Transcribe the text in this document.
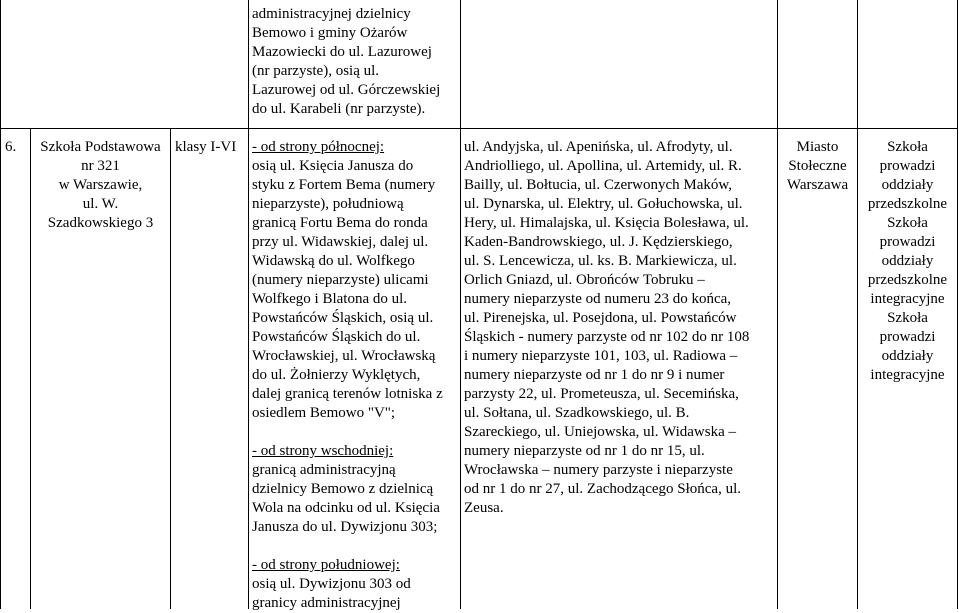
administracyjnej dzielnicy
Bemowo i gminy Ożarów
Mazowiecki do ul. Lazurowej
(nr parzyste), osią ul.
Lazurowej od ul. Górczewskiej
do ul. Karabeli (nr parzyste).
6.	Szkoła Podstawowa
nr 321
w Warszawie,
ul. W.
Szadkowskiego 3
klasy I-VI - od strony północnej:
osią ul. Księcia Janusza do
styku z Fortem Bema (numery
nieparzyste), południową
granicą Fortu Bema do ronda
przy ul. Widawskiej, dalej ul.
Widawską do ul. Wolfkego
(numery nieparzyste) ulicami
Wolfkego i Blatona do ul.
Powstańców Śląskich, osią ul.
Powstańców Śląskich do ul.
Wrocławskiej, ul. Wrocławską
do ul. Żołnierzy Wyklętych,
dalej granicą terenów lotniska z
osiedlem Bemowo "V";
- od strony wschodniej:
granicą administracyjną
dzielnicy Bemowo z dzielnicą
Wola na odcinku od ul. Księcia
Janusza do ul. Dywizjonu 303;
- od strony południowej:
osią ul. Dywizjonu 303 od
granicy administracyjnej
ul. Andyjska, ul. Apenińska, ul. Afrodyty, ul.
Andriolliego, ul. Apollina, ul. Artemidy, ul. R.
Bailly, ul. Bołtucia, ul. Czerwonych Maków,
ul. Dynarska, ul. Elektry, ul. Gołuchowska, ul.
Hery, ul. Himalajska, ul. Księcia Bolesława, ul.
Kaden-Bandrowskiego, ul. J. Kędzierskiego,
ul. S. Lencewicza, ul. ks. B. Markiewicza, ul.
Orlich Gniazd, ul. Obrońców Tobruku –
numery nieparzyste od numeru 23 do końca,
ul. Pirenejska, ul. Posejdona, ul. Powstańców
Śląskich - numery parzyste od nr 102 do nr 108
i numery nieparzyste 101, 103, ul. Radiowa –
numery nieparzyste od nr 1 do nr 9 i numer
parzysty 22, ul. Prometeusza, ul. Secemińska,
ul. Sołtana, ul. Szadkowskiego, ul. B.
Szareckiego, ul. Uniejowska, ul. Widawska –
numery nieparzyste od nr 1 do nr 15, ul.
Wrocławska – numery parzyste i nieparzyste
od nr 1 do nr 27, ul. Zachodzącego Słońca, ul.
Zeusa.
Miasto
Stołeczne
Warszawa
Szkoła
prowadzi
oddziały
przedszkolne
Szkoła
prowadzi
oddziały
przedszkolne
integracyjne
Szkoła
prowadzi
oddziały
integracyjne
